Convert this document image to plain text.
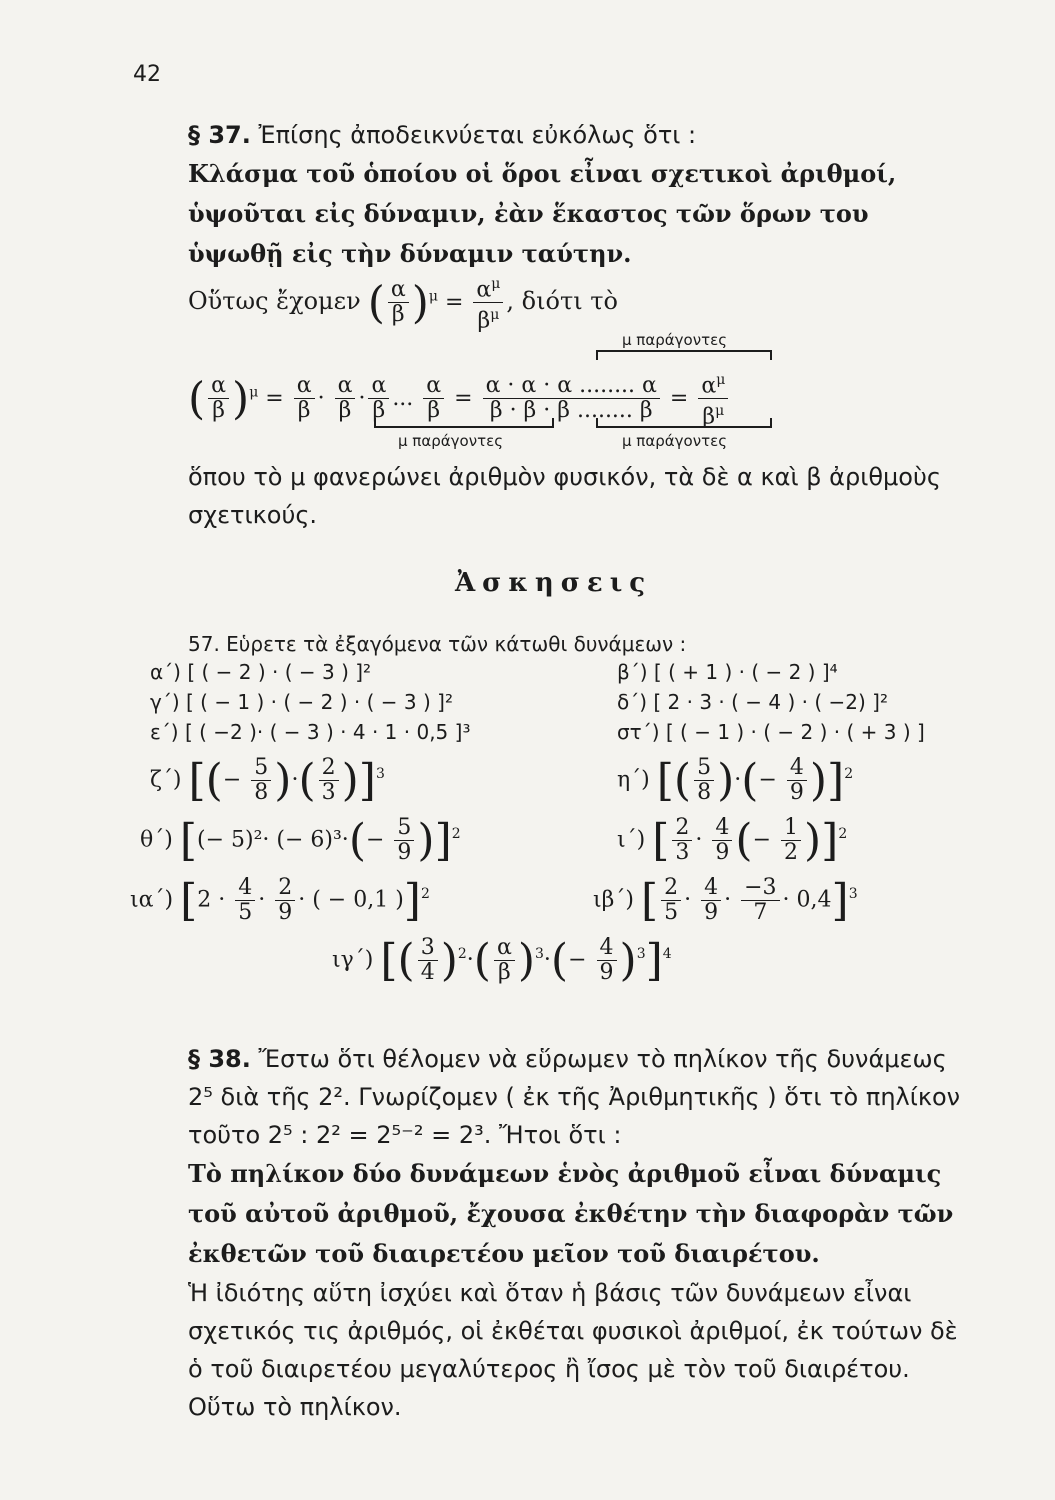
42

§ 37. Ἐπίσης ἀποδεικνύεται εὐκόλως ὅτι :

Κλάσμα τοῦ ὁποίου οἱ ὅροι εἶναι σχετικοὶ ἀριθμοί, ὑψοῦται εἰς δύναμιν, ἐὰν ἕκαστος τῶν ὅρων του ὑψωθῇ εἰς τὴν δύναμιν ταύτην.

Οὕτως ἔχομεν ( $\frac{\alpha}{\beta} )^\mu = \frac{\alpha^\mu}{\beta^\mu}$ , διότι τὸ
μ παράγοντες
( $\frac{\alpha}{\beta} )^\mu = \frac{\alpha}{\beta} \cdot \frac{\alpha}{\beta} \cdot \frac{\alpha}{\beta}$ ... $\frac{\alpha}{\beta} = \frac{\alpha \cdot \alpha \cdot \alpha ........ \alpha}{\beta \cdot \beta \cdot \beta ........ \beta} = \frac{\alpha^\mu}{\beta^\mu}$
μ παράγοντες	μ παράγοντες

ὅπου τὸ μ φανερώνει ἀριθμὸν φυσικόν, τὰ δὲ α καὶ β ἀριθμοὺς σχετικούς.

Ἀσκησεις
57. Εὑρετε τὰ ἐξαγόμενα τῶν κάτωθι δυνάμεων :
α΄) [ ( − 2 ) · ( − 3 ) ]²	β΄) [ ( + 1 ) · ( − 2 ) ]⁴
γ΄) [ ( − 1 ) · ( − 2 ) · ( − 3 ) ]²	δ΄) [ 2 · 3 · ( − 4 ) · ( −2) ]²
ε΄) [ ( −2 )· ( − 3 ) · 4 · 1 · 0,5 ]³	στ΄) [ ( − 1 ) · ( − 2 ) · ( + 3 ) ]
ζ΄) [(− $\frac{5}{8}$ )·( $\frac{2}{3} )]^3$	η΄) [( $\frac{5}{8}$ )·(− $\frac{4}{9} )]^2$
θ΄) [(− 5)²· (− $6)^3\cdot(- \frac{5}{9} )]^2$	ι΄) [ $\frac{2}{3} \cdot \frac{4}{9}$ (− $\frac{1}{2} )]^2$
ια΄) [$2 \cdot \frac{4}{5} \cdot \frac{2}{9}$ · ( − 0,1 )]$^2$	ιβ΄) [ $\frac{2}{5} \cdot \frac{4}{9} \cdot \frac{-3}{7} \cdot 0,4]^3$
ιγ΄) [( $\frac{3}{4} )^2\cdot( \frac{\alpha}{\beta} )^3\cdot(- \frac{4}{9} )^3]^4$

§ 38. Ἔστω ὅτι θέλομεν νὰ εὕρωμεν τὸ πηλίκον τῆς δυνάμεως 2⁵ διὰ τῆς 2². Γνωρίζομεν ( ἐκ τῆς Ἀριθμητικῆς ) ὅτι τὸ πηλίκον τοῦτο 2⁵ : 2² = 2⁵⁻² = 2³. Ἤτοι ὅτι :

Τὸ πηλίκον δύο δυνάμεων ἑνὸς ἀριθμοῦ εἶναι δύναμις τοῦ αὐτοῦ ἀριθμοῦ, ἔχουσα ἐκθέτην τὴν διαφορὰν τῶν ἐκθετῶν τοῦ διαιρετέου μεῖον τοῦ διαιρέτου.

Ἡ ἰδιότης αὕτη ἰσχύει καὶ ὅταν ἡ βάσις τῶν δυνάμεων εἶναι σχετικός τις ἀριθμός, οἱ ἐκθέται φυσικοὶ ἀριθμοί, ἐκ τούτων δὲ ὁ τοῦ διαιρετέου μεγαλύτερος ἢ ἴσος μὲ τὸν τοῦ διαιρέτου. Οὕτω τὸ πηλίκον.
